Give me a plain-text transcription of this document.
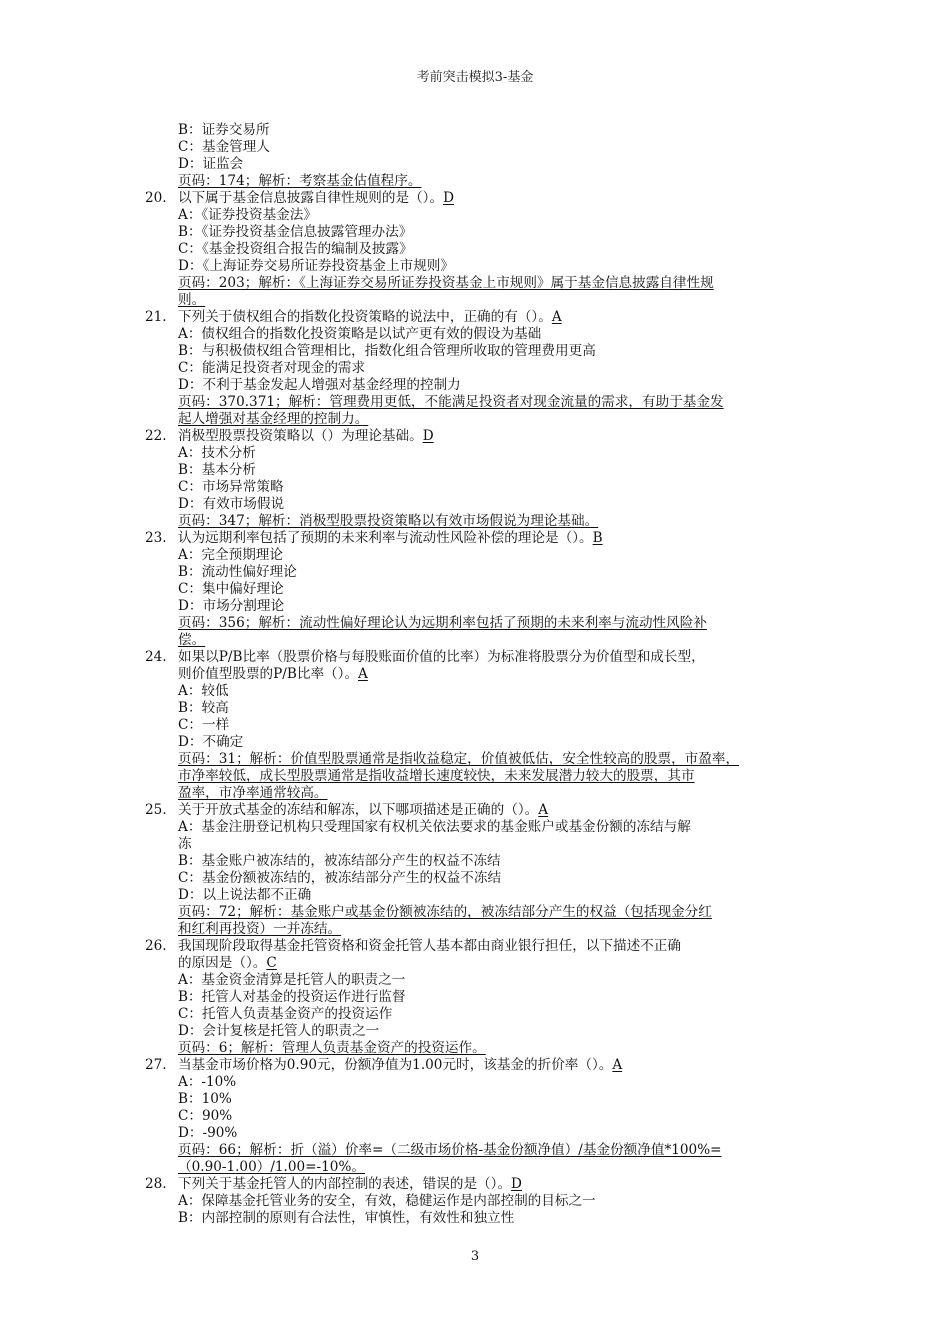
考前突击模拟3-基金
B：证券交易所
C：基金管理人
D：证监会
页码：174；解析：考察基金估值程序。
20. 以下属于基金信息披露自律性规则的是（）。D
A：《证券投资基金法》
B：《证券投资基金信息披露管理办法》
C：《基金投资组合报告的编制及披露》
D：《上海证券交易所证券投资基金上市规则》
页码：203；解析：《上海证券交易所证券投资基金上市规则》属于基金信息披露自律性规
则。
21. 下列关于债权组合的指数化投资策略的说法中，正确的有（）。A
A：债权组合的指数化投资策略是以试产更有效的假设为基础
B：与积极债权组合管理相比，指数化组合管理所收取的管理费用更高
C：能满足投资者对现金的需求
D：不利于基金发起人增强对基金经理的控制力
页码：370.371；解析：管理费用更低，不能满足投资者对现金流量的需求，有助于基金发
起人增强对基金经理的控制力。
22. 消极型股票投资策略以（）为理论基础。D
A：技术分析
B：基本分析
C：市场异常策略
D：有效市场假说
页码：347；解析：消极型股票投资策略以有效市场假说为理论基础。
23. 认为远期利率包括了预期的未来利率与流动性风险补偿的理论是（）。B
A：完全预期理论
B：流动性偏好理论
C：集中偏好理论
D：市场分割理论
页码：356；解析：流动性偏好理论认为远期利率包括了预期的未来利率与流动性风险补
偿。
24. 如果以P/B比率（股票价格与每股账面价值的比率）为标准将股票分为价值型和成长型，
则价值型股票的P/B比率（）。A
A：较低
B：较高
C：一样
D：不确定
页码：31；解析：价值型股票通常是指收益稳定，价值被低估，安全性较高的股票，市盈率，
市净率较低，成长型股票通常是指收益增长速度较快，未来发展潜力较大的股票，其市
盈率，市净率通常较高。
25. 关于开放式基金的冻结和解冻，以下哪项描述是正确的（）。A
A：基金注册登记机构只受理国家有权机关依法要求的基金账户或基金份额的冻结与解
冻
B：基金账户被冻结的，被冻结部分产生的权益不冻结
C：基金份额被冻结的，被冻结部分产生的权益不冻结
D：以上说法都不正确
页码：72；解析：基金账户或基金份额被冻结的，被冻结部分产生的权益（包括现金分红
和红利再投资）一并冻结。
26. 我国现阶段取得基金托管资格和资金托管人基本都由商业银行担任，以下描述不正确
的原因是（）。C
A：基金资金清算是托管人的职责之一
B：托管人对基金的投资运作进行监督
C：托管人负责基金资产的投资运作
D：会计复核是托管人的职责之一
页码：6；解析：管理人负责基金资产的投资运作。
27. 当基金市场价格为0.90元，份额净值为1.00元时，该基金的折价率（）。A
A：-10%
B：10%
C：90%
D：-90%
页码：66；解析：折（溢）价率=（二级市场价格-基金份额净值）/基金份额净值*100%=
（0.90-1.00）/1.00=-10%。
28. 下列关于基金托管人的内部控制的表述，错误的是（）。D
A：保障基金托管业务的安全，有效，稳健运作是内部控制的目标之一
B：内部控制的原则有合法性，审慎性，有效性和独立性
3
